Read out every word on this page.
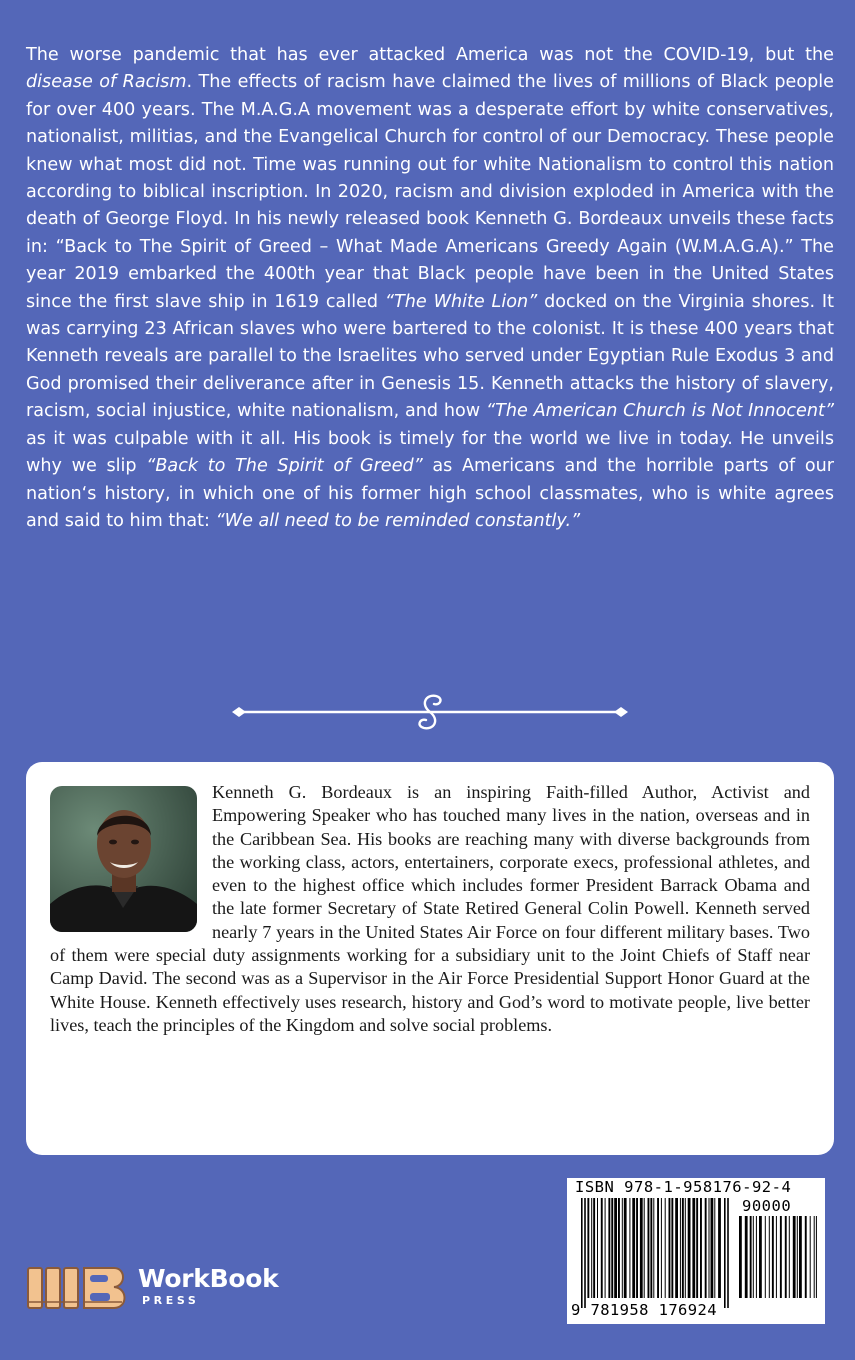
The worse pandemic that has ever attacked America was not the COVID-19, but the disease of Racism. The effects of racism have claimed the lives of millions of Black people for over 400 years. The M.A.G.A movement was a desperate effort by white conservatives, nationalist, militias, and the Evangelical Church for control of our Democracy. These people knew what most did not. Time was running out for white Nationalism to control this nation according to biblical inscription. In 2020, racism and division exploded in America with the death of George Floyd. In his newly released book Kenneth G. Bordeaux unveils these facts in: “Back to The Spirit of Greed – What Made Americans Greedy Again (W.M.A.G.A).” The year 2019 embarked the 400th year that Black people have been in the United States since the first slave ship in 1619 called “The White Lion” docked on the Virginia shores. It was carrying 23 African slaves who were bartered to the colonist. It is these 400 years that Kenneth reveals are parallel to the Israelites who served under Egyptian Rule Exodus 3 and God promised their deliverance after in Genesis 15. Kenneth attacks the history of slavery, racism, social injustice, white nationalism, and how “The American Church is Not Innocent” as it was culpable with it all. His book is timely for the world we live in today. He unveils why we slip “Back to The Spirit of Greed” as Americans and the horrible parts of our nation‘s history, in which one of his former high school classmates, who is white agrees and said to him that: “We all need to be reminded constantly.”

Kenneth G. Bordeaux is an inspiring Faith-filled Author, Activist and Empowering Speaker who has touched many lives in the nation, overseas and in the Caribbean Sea. His books are reaching many with diverse backgrounds from the working class, actors, entertainers, corporate execs, professional athletes, and even to the highest office which includes former President Barrack Obama and the late former Secretary of State Retired General Colin Powell. Kenneth served nearly 7 years in the United States Air Force on four different military bases. Two of them were special duty assignments working for a subsidiary unit to the Joint Chiefs of Staff near Camp David. The second was as a Supervisor in the Air Force Presidential Support Honor Guard at the White House. Kenneth effectively uses research, history and God’s word to motivate people, live better lives, teach the principles of the Kingdom and solve social problems.

ISBN 978-1-958176-92-4
90000
9 781958 176924
WorkBook
PRESS
